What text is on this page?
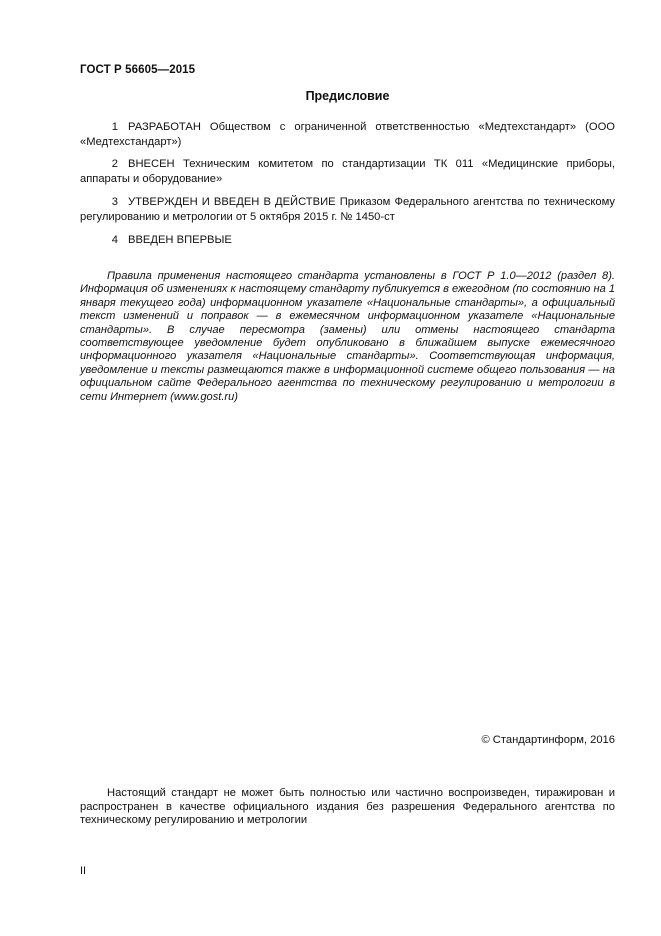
ГОСТ Р 56605—2015
Предисловие
1 РАЗРАБОТАН Обществом с ограниченной ответственностью «Медтехстандарт» (ООО «Медтехстандарт»)
2 ВНЕСЕН Техническим комитетом по стандартизации ТК 011 «Медицинские приборы, аппараты и оборудование»
3 УТВЕРЖДЕН И ВВЕДЕН В ДЕЙСТВИЕ Приказом Федерального агентства по техническому регулированию и метрологии от 5 октября 2015 г. № 1450-ст
4 ВВЕДЕН ВПЕРВЫЕ
Правила применения настоящего стандарта установлены в ГОСТ Р 1.0—2012 (раздел 8). Информация об изменениях к настоящему стандарту публикуется в ежегодном (по состоянию на 1 января текущего года) информационном указателе «Национальные стандарты», а официальный текст изменений и поправок — в ежемесячном информационном указателе «Национальные стандарты». В случае пересмотра (замены) или отмены настоящего стандарта соответствующее уведомление будет опубликовано в ближайшем выпуске ежемесячного информационного указателя «Национальные стандарты». Соответствующая информация, уведомление и тексты размещаются также в информационной системе общего пользования — на официальном сайте Федерального агентства по техническому регулированию и метрологии в сети Интернет (www.gost.ru)
© Стандартинформ, 2016
Настоящий стандарт не может быть полностью или частично воспроизведен, тиражирован и распространен в качестве официального издания без разрешения Федерального агентства по техническому регулированию и метрологии
II
